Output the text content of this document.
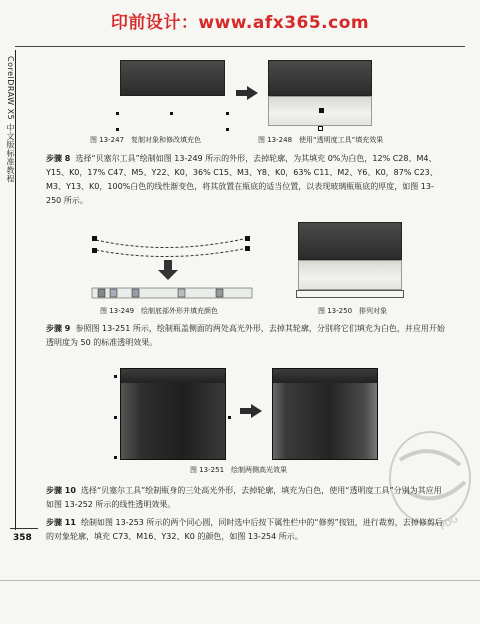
印前设计：www.afx365.com
CorelDRAW X5 中文版标准教程	图 13-247　复制对象和修改填充色	图 13-248　使用“透明度工具”填充效果
步骤 8 选择“贝塞尔工具”绘制如图 13-249 所示的外形，去掉轮廓，为其填充 0%为白色，12% C28、M4、Y15、K0，17% C47、M5、Y22、K0，36% C15、M3、Y8、K0，63% C11、M2、Y6、K0，87% C23、M3、Y13、K0，100%白色的线性渐变色，将其放置在瓶底的适当位置，以表现玻璃瓶瓶底的厚度，如图 13-250 所示。
图 13-249　绘制底部外形并填充颜色	图 13-250　排列对象
步骤 9 参照图 13-251 所示，绘制瓶盖侧面的两处高光外形，去掉其轮廓，分别将它们填充为白色，并应用开始透明度为 50 的标准透明效果。
图 13-251　绘制两侧高光效果
PDG
步骤 10 选择“贝塞尔工具”绘制瓶身的三处高光外形，去掉轮廓，填充为白色，使用“透明度工具”分别为其应用如图 13-252 所示的线性透明效果。
步骤 11 绘制如图 13-253 所示的两个同心圆，同时选中后按下属性栏中的“修剪”按钮，进行裁剪，去掉修剪后的对象轮廓，填充 C73、M16、Y32、K0 的颜色，如图 13-254 所示。
358
